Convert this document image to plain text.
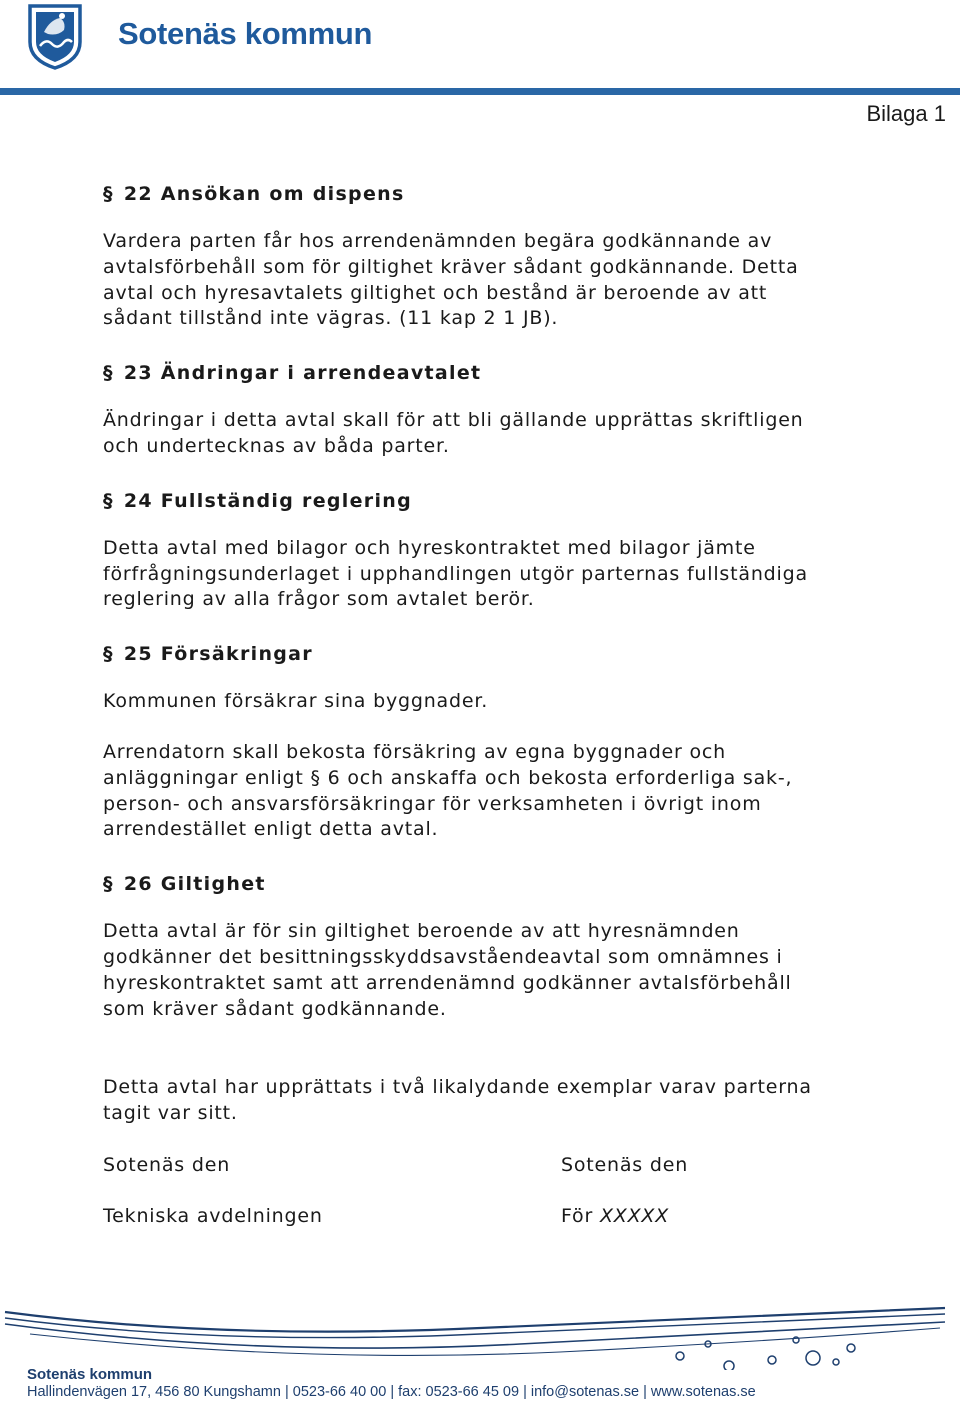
Sotenäs kommun
Bilaga 1
§ 22 Ansökan om dispens
Vardera parten får hos arrendenämnden begära godkännande av
avtalsförbehåll som för giltighet kräver sådant godkännande. Detta
avtal och hyresavtalets giltighet och bestånd är beroende av att
sådant tillstånd inte vägras. (11 kap 2 1 JB).
§ 23 Ändringar i arrendeavtalet
Ändringar i detta avtal skall för att bli gällande upprättas skriftligen
och undertecknas av båda parter.
§ 24 Fullständig reglering
Detta avtal med bilagor och hyreskontraktet med bilagor jämte
förfrågningsunderlaget i upphandlingen utgör parternas fullständiga
reglering av alla frågor som avtalet berör.
§ 25 Försäkringar
Kommunen försäkrar sina byggnader.
Arrendatorn skall bekosta försäkring av egna byggnader och
anläggningar enligt § 6 och anskaffa och bekosta erforderliga sak-,
person- och ansvarsförsäkringar för verksamheten i övrigt inom
arrendestället enligt detta avtal.
§ 26 Giltighet
Detta avtal är för sin giltighet beroende av att hyresnämnden
godkänner det besittningsskyddsavståendeavtal som omnämnes i
hyreskontraktet samt att arrendenämnd godkänner avtalsförbehåll
som kräver sådant godkännande.
Detta avtal har upprättats i två likalydande exemplar varav parterna
tagit var sitt.
Sotenäs den	Sotenäs den
Tekniska avdelningen	För XXXXX
Sotenäs kommun
Hallindenvägen 17, 456 80 Kungshamn | 0523-66 40 00 | fax: 0523-66 45 09 | info@sotenas.se | www.sotenas.se
